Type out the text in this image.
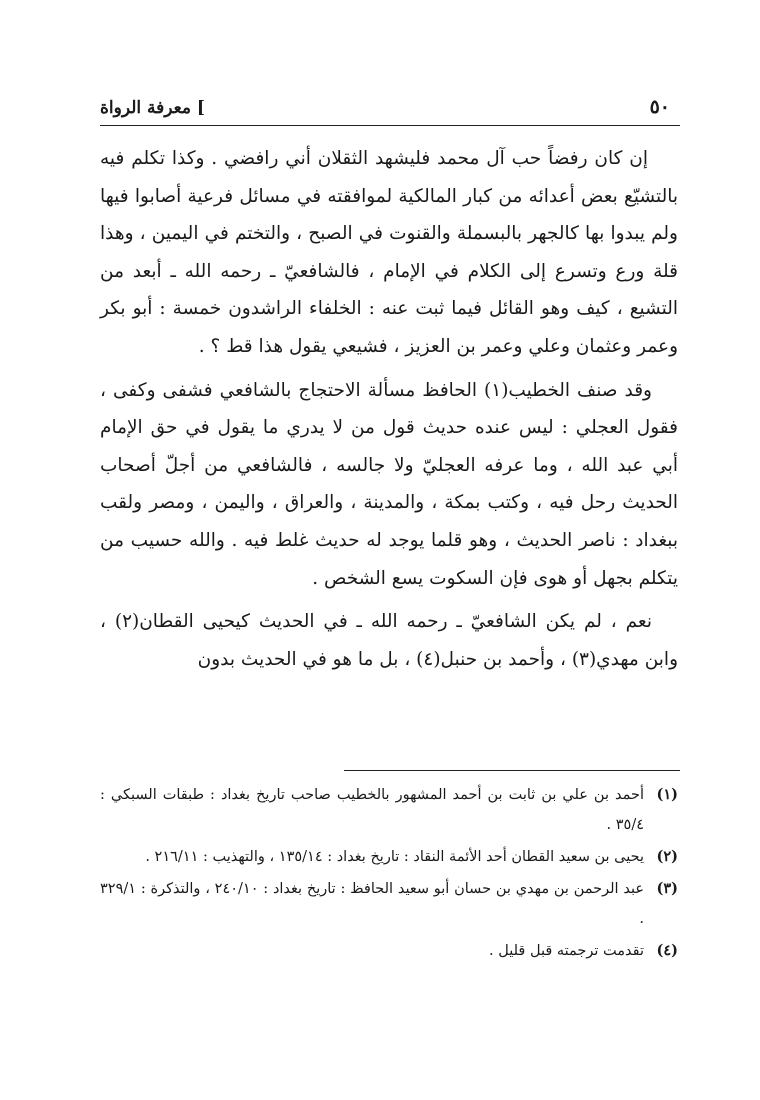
] معرفة الرواة	٥٠

إن كان رفضاً حب آل محمد فليشهد الثقلان أني رافضي . وكذا تكلم فيه بالتشيّع بعض أعدائه من كبار المالكية لموافقته في مسائل فرعية أصابوا فيها ولم يبدوا بها كالجهر بالبسملة والقنوت في الصبح ، والتختم في اليمين ، وهذا قلة ورع وتسرع إلى الكلام في الإمام ، فالشافعيّ ـ رحمه الله ـ أبعد من التشيع ، كيف وهو القائل فيما ثبت عنه : الخلفاء الراشدون خمسة : أبو بكر وعمر وعثمان وعلي وعمر بن العزيز ، فشيعي يقول هذا قط ؟ .

وقد صنف الخطيب(١) الحافظ مسألة الاحتجاج بالشافعي فشفى وكفى ، فقول العجلي : ليس عنده حديث قول من لا يدري ما يقول في حق الإمام أبي عبد الله ، وما عرفه العجليّ ولا جالسه ، فالشافعي من أجلّ أصحاب الحديث رحل فيه ، وكتب بمكة ، والمدينة ، والعراق ، واليمن ، ومصر ولقب ببغداد : ناصر الحديث ، وهو قلما يوجد له حديث غلط فيه . والله حسيب من يتكلم بجهل أو هوى فإن السكوت يسع الشخص .

نعم ، لم يكن الشافعيّ ـ رحمه الله ـ في الحديث كيحيى القطان(٢) ، وابن مهدي(٣) ، وأحمد بن حنبل(٤) ، بل ما هو في الحديث بدون

(١)
أحمد بن علي بن ثابت بن أحمد المشهور بالخطيب صاحب تاريخ بغداد : طبقات السبكي : ٣٥/٤ .
(٢)
يحيى بن سعيد القطان أحد الأئمة النقاد : تاريخ بغداد : ١٣٥/١٤ ، والتهذيب : ٢١٦/١١ .
(٣)
عبد الرحمن بن مهدي بن حسان أبو سعيد الحافظ : تاريخ بغداد : ٢٤٠/١٠ ، والتذكرة : ٣٢٩/١ .
(٤)
تقدمت ترجمته قبل قليل .
